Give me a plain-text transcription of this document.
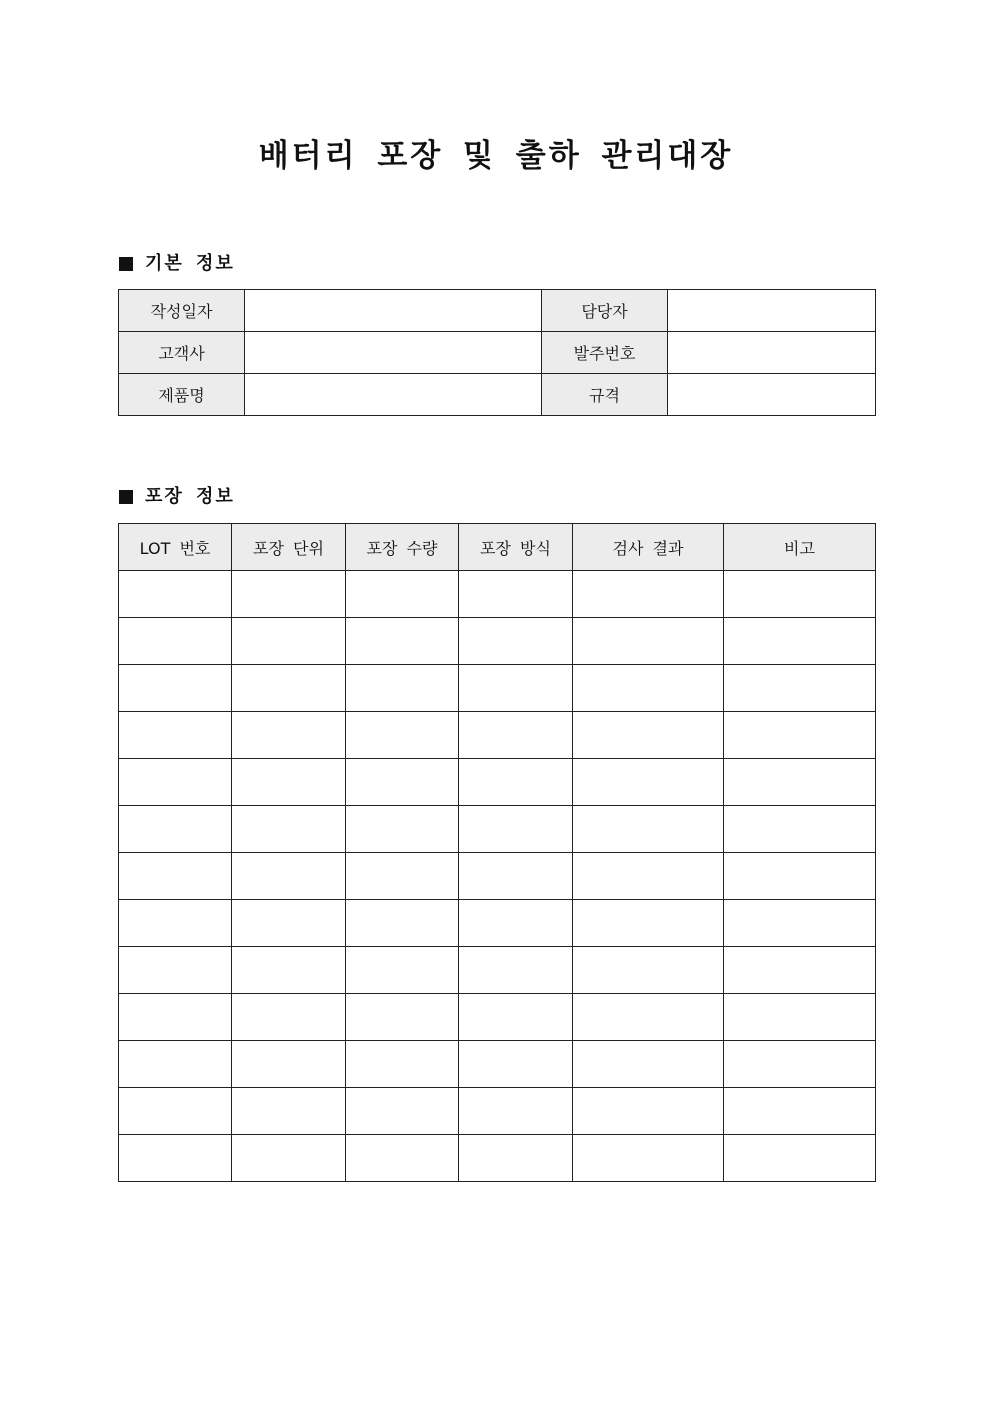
배터리 포장 및 출하 관리대장
기본 정보
작성일자		담당자	
고객사		발주번호	
제품명		규격	
포장 정보
LOT 번호	포장 단위	포장 수량	포장 방식	검사 결과	비고
